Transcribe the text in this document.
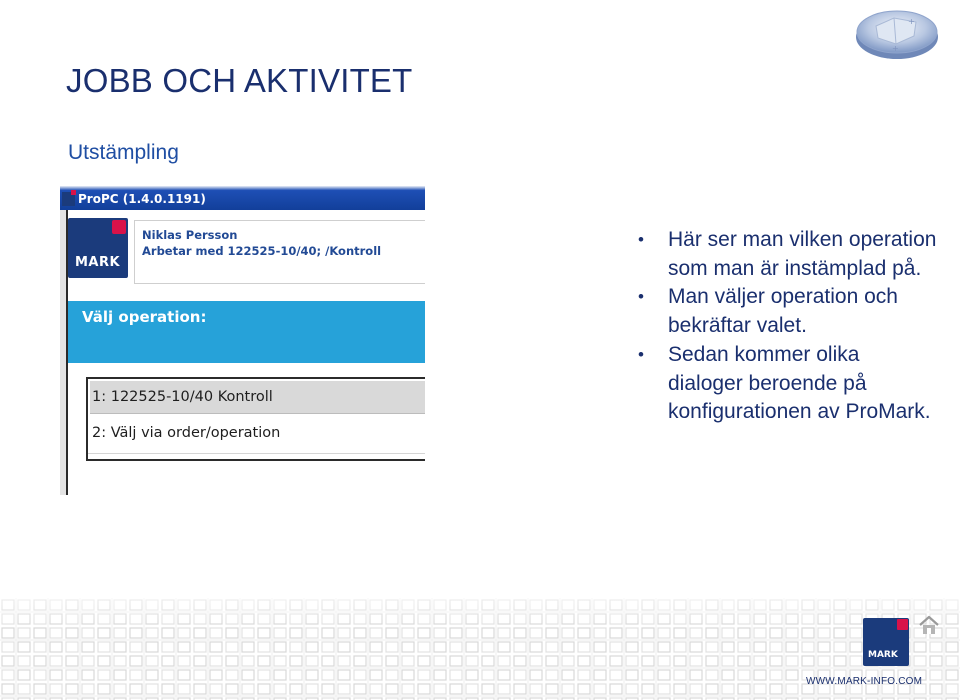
JOBB OCH AKTIVITET
Utstämpling
+
+
ProPC (1.4.0.1191)
MARK
Niklas Persson
Arbetar med 122525-10/40; /Kontroll
Välj operation:
1: 122525-10/40 Kontroll
2: Välj via order/operation
• Här ser man vilken operation som man är instämplad på.
• Man väljer operation och bekräftar valet.
• Sedan kommer olika dialoger beroende på konfigurationen av ProMark.
MARK
WWW.MARK-INFO.COM
